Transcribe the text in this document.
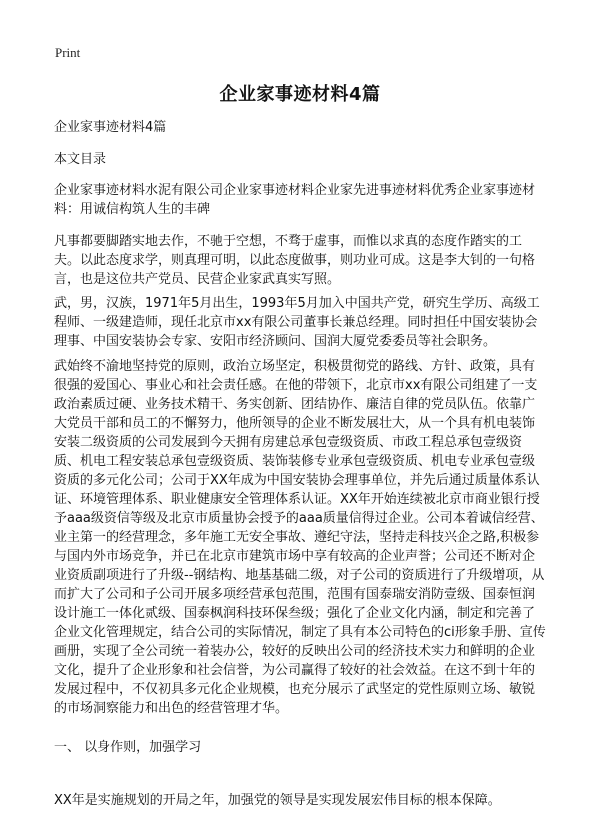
Print
企业家事迹材料4篇
企业家事迹材料4篇
本文目录
企业家事迹材料水泥有限公司企业家事迹材料企业家先进事迹材料优秀企业家事迹材料：用诚信构筑人生的丰碑
凡事都要脚踏实地去作，不驰于空想，不骛于虚事，而惟以求真的态度作踏实的工夫。以此态度求学，则真理可明，以此态度做事，则功业可成。这是李大钊的一句格言，也是这位共产党员、民营企业家武真实写照。
武，男，汉族，1971年5月出生，1993年5月加入中国共产党，研究生学历、高级工程师、一级建造师，现任北京市xx有限公司董事长兼总经理。同时担任中国安装协会理事、中国安装协会专家、安阳市经济顾问、国润大厦党委委员等社会职务。
武始终不渝地坚持党的原则，政治立场坚定，积极贯彻党的路线、方针、政策，具有很强的爱国心、事业心和社会责任感。在他的带领下，北京市xx有限公司组建了一支政治素质过硬、业务技术精干、务实创新、团结协作、廉洁自律的党员队伍。依靠广大党员干部和员工的不懈努力，他所领导的企业不断发展壮大，从一个具有机电装饰安装二级资质的公司发展到今天拥有房建总承包壹级资质、市政工程总承包壹级资质、机电工程安装总承包壹级资质、装饰装修专业承包壹级资质、机电专业承包壹级资质的多元化公司；公司于XX年成为中国安装协会理事单位，并先后通过质量体系认证、环境管理体系、职业健康安全管理体系认证。XX年开始连续被北京市商业银行授予aaa级资信等级及北京市质量协会授予的aaa质量信得过企业。公司本着诚信经营、业主第一的经营理念，多年施工无安全事故、遵纪守法，坚持走科技兴企之路,积极参与国内外市场竞争，并已在北京市建筑市场中享有较高的企业声誉；公司还不断对企业资质副项进行了升级--钢结构、地基基础二级，对子公司的资质进行了升级增项，从而扩大了公司和子公司开展多项经营承包范围，范围有国泰瑞安消防壹级、国泰恒润设计施工一体化贰级、国泰枫润科技环保叁级；强化了企业文化内涵，制定和完善了企业文化管理规定，结合公司的实际情况，制定了具有本公司特色的ci形象手册、宣传画册，实现了全公司统一着装办公，较好的反映出公司的经济技术实力和鲜明的企业文化，提升了企业形象和社会信誉，为公司赢得了较好的社会效益。在这不到十年的发展过程中，不仅初具多元化企业规模，也充分展示了武坚定的党性原则立场、敏锐的市场洞察能力和出色的经营管理才华。
一、 以身作则，加强学习
XX年是实施规划的开局之年，加强党的领导是实现发展宏伟目标的根本保障。
